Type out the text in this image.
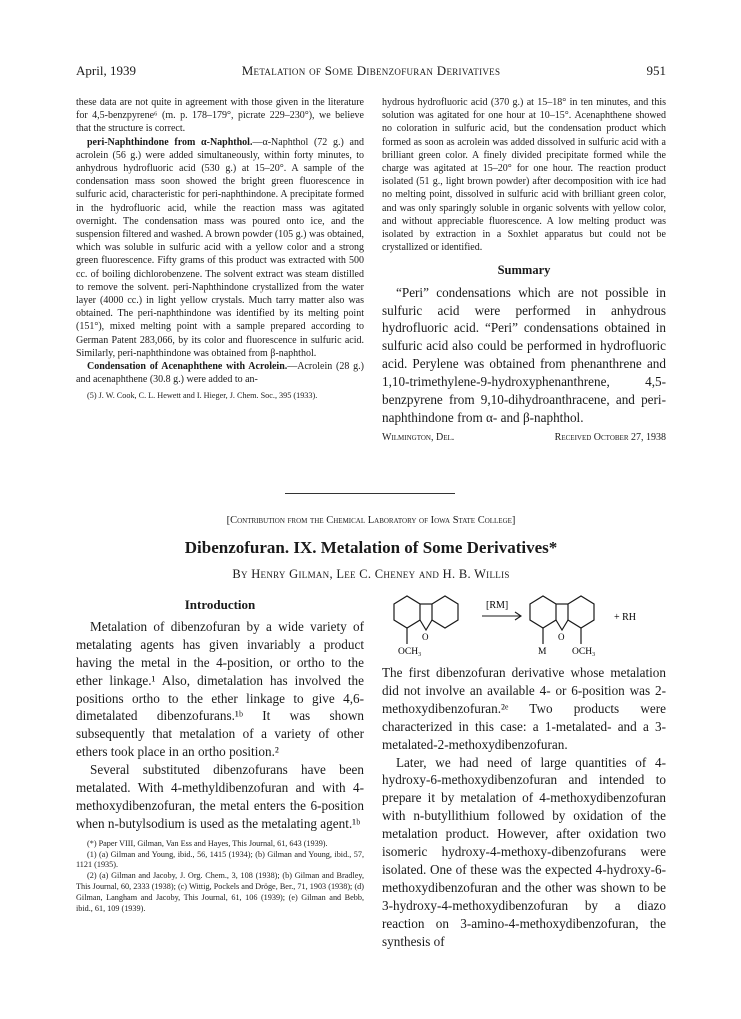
April, 1939	Metalation of Some Dibenzofuran Derivatives	951

these data are not quite in agreement with those given in the literature for 4,5-benzpyrene⁶ (m. p. 178–179°, picrate 229–230°), we believe that the structure is correct.

peri-Naphthindone from α-Naphthol.—α-Naphthol (72 g.) and acrolein (56 g.) were added simultaneously, within forty minutes, to anhydrous hydrofluoric acid (530 g.) at 15–20°. A sample of the condensation mass soon showed the bright green fluorescence in sulfuric acid, characteristic for peri-naphthindone. A precipitate formed in the hydrofluoric acid, while the reaction mass was agitated overnight. The condensation mass was poured onto ice, and the suspension filtered and washed. A brown powder (105 g.) was obtained, which was soluble in sulfuric acid with a yellow color and a strong green fluorescence. Fifty grams of this product was extracted with 500 cc. of boiling dichlorobenzene. The solvent extract was steam distilled to remove the solvent. peri-Naphthindone crystallized from the water layer (4000 cc.) in light yellow crystals. Much tarry matter also was obtained. The peri-naphthindone was identified by its melting point (151°), mixed melting point with a sample prepared according to German Patent 283,066, by its color and fluorescence in sulfuric acid. Similarly, peri-naphthindone was obtained from β-naphthol.

Condensation of Acenaphthene with Acrolein.—Acrolein (28 g.) and acenaphthene (30.8 g.) were added to an-

(5) J. W. Cook, C. L. Hewett and I. Hieger, J. Chem. Soc., 395 (1933).

hydrous hydrofluoric acid (370 g.) at 15–18° in ten minutes, and this solution was agitated for one hour at 10–15°. Acenaphthene showed no coloration in sulfuric acid, but the condensation product which formed as soon as acrolein was added dissolved in sulfuric acid with a brilliant green color. A finely divided precipitate formed while the charge was agitated at 15–20° for one hour. The reaction product isolated (51 g., light brown powder) after decomposition with ice had no melting point, dissolved in sulfuric acid with brilliant green color, and was only sparingly soluble in organic solvents with yellow color, and without appreciable fluorescence. A low melting product was isolated by extraction in a Soxhlet apparatus but could not be crystallized or identified.

Summary

“Peri” condensations which are not possible in sulfuric acid were performed in anhydrous hydrofluoric acid. “Peri” condensations obtained in sulfuric acid also could be performed in hydrofluoric acid. Perylene was obtained from phenanthrene and 1,10-trimethylene-9-hydroxyphenanthrene, 4,5-benzpyrene from 9,10-dihydroanthracene, and peri-naphthindone from α- and β-naphthol.

Wilmington, Del.	Received October 27, 1938
[Contribution from the Chemical Laboratory of Iowa State College]
Dibenzofuran. IX. Metalation of Some Derivatives*
By Henry Gilman, Lee C. Cheney and H. B. Willis
Introduction

Metalation of dibenzofuran by a wide variety of metalating agents has given invariably a product having the metal in the 4-position, or ortho to the ether linkage.¹ Also, dimetalation has involved the positions ortho to the ether linkage to give 4,6-dimetalated dibenzofurans.¹ᵇ It was shown subsequently that metalation of a variety of other ethers took place in an ortho position.²

Several substituted dibenzofurans have been metalated. With 4-methyldibenzofuran and with 4-methoxydibenzofuran, the metal enters the 6-position when n-butylsodium is used as the metalating agent.¹ᵇ

(*) Paper VIII, Gilman, Van Ess and Hayes, This Journal, 61, 643 (1939).

(1) (a) Gilman and Young, ibid., 56, 1415 (1934); (b) Gilman and Young, ibid., 57, 1121 (1935).

(2) (a) Gilman and Jacoby, J. Org. Chem., 3, 108 (1938); (b) Gilman and Bradley, This Journal, 60, 2333 (1938); (c) Wittig, Pockels and Dröge, Ber., 71, 1903 (1938); (d) Gilman, Langham and Jacoby, This Journal, 61, 106 (1939); (e) Gilman and Bebb, ibid., 61, 109 (1939).

O
OCH₃
[RM]
O
M	OCH₃
+ RH

The first dibenzofuran derivative whose metalation did not involve an available 4- or 6-position was 2-methoxydibenzofuran.²ᵉ Two products were characterized in this case: a 1-metalated- and a 3-metalated-2-methoxydibenzofuran.

Later, we had need of large quantities of 4-hydroxy-6-methoxydibenzofuran and intended to prepare it by metalation of 4-methoxydibenzofuran with n-butyllithium followed by oxidation of the metalation product. However, after oxidation two isomeric hydroxy-4-methoxy-dibenzofurans were isolated. One of these was the expected 4-hydroxy-6-methoxydibenzofuran and the other was shown to be 3-hydroxy-4-methoxydibenzofuran by a diazo reaction on 3-amino-4-methoxydibenzofuran, the synthesis of
